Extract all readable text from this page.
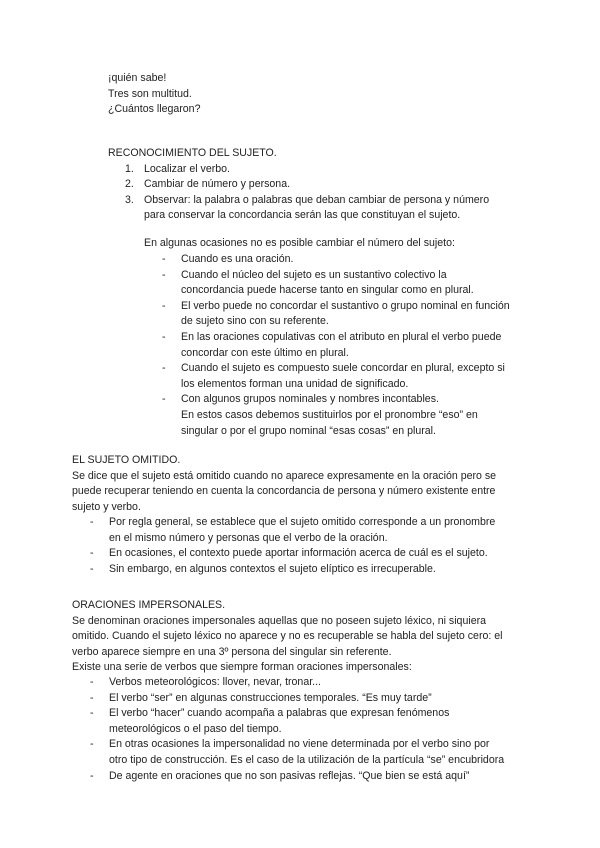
¡quién sabe!
Tres son multitud.
¿Cuántos llegaron?
RECONOCIMIENTO DEL SUJETO.
1. Localizar el verbo.
2. Cambiar de número y persona.
3. Observar: la palabra o palabras que deban cambiar de persona y número
para conservar la concordancia serán las que constituyan el sujeto.
En algunas ocasiones no es posible cambiar el número del sujeto:
- Cuando es una oración.
- Cuando el núcleo del sujeto es un sustantivo colectivo la
concordancia puede hacerse tanto en singular como en plural.
- El verbo puede no concordar el sustantivo o grupo nominal en función
de sujeto sino con su referente.
- En las oraciones copulativas con el atributo en plural el verbo puede
concordar con este último en plural.
- Cuando el sujeto es compuesto suele concordar en plural, excepto si
los elementos forman una unidad de significado.
- Con algunos grupos nominales y nombres incontables.
En estos casos debemos sustituirlos por el pronombre “eso” en
singular o por el grupo nominal “esas cosas” en plural.
EL SUJETO OMITIDO.
Se dice que el sujeto está omitido cuando no aparece expresamente en la oración pero se
puede recuperar teniendo en cuenta la concordancia de persona y número existente entre
sujeto y verbo.
- Por regla general, se establece que el sujeto omitido corresponde a un pronombre
en el mismo número y personas que el verbo de la oración.
- En ocasiones, el contexto puede aportar información acerca de cuál es el sujeto.
- Sin embargo, en algunos contextos el sujeto elíptico es irrecuperable.
ORACIONES IMPERSONALES.
Se denominan oraciones impersonales aquellas que no poseen sujeto léxico, ni siquiera
omitido. Cuando el sujeto léxico no aparece y no es recuperable se habla del sujeto cero: el
verbo aparece siempre en una 3º persona del singular sin referente.
Existe una serie de verbos que siempre forman oraciones impersonales:
- Verbos meteorológicos: llover, nevar, tronar...
- El verbo “ser” en algunas construcciones temporales. “Es muy tarde”
- El verbo “hacer” cuando acompaña a palabras que expresan fenómenos
meteorológicos o el paso del tiempo.
- En otras ocasiones la impersonalidad no viene determinada por el verbo sino por
otro tipo de construcción. Es el caso de la utilización de la partícula “se” encubridora
- De agente en oraciones que no son pasivas reflejas. “Que bien se está aquí”
